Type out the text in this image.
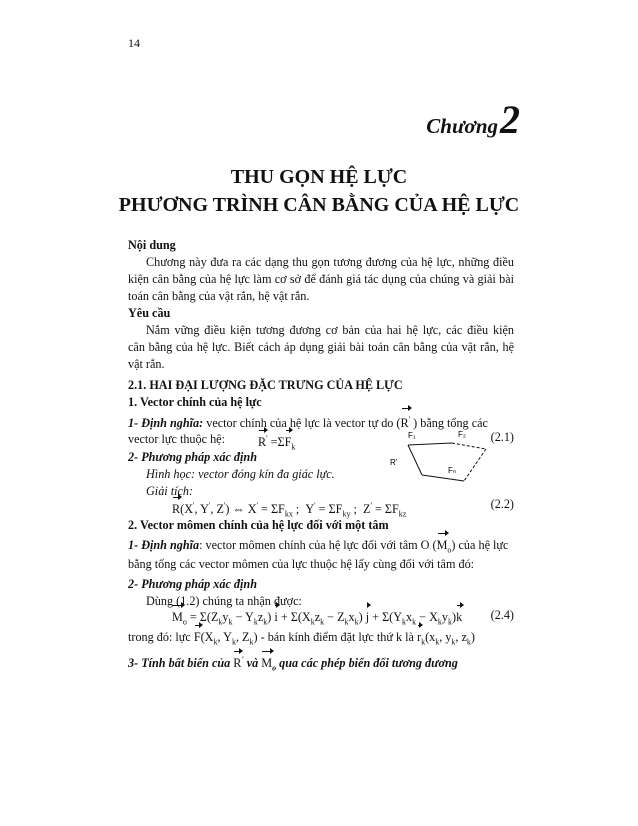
14
Chương2
THU GỌN HỆ LỰC
PHƯƠNG TRÌNH CÂN BẰNG CỦA HỆ LỰC
Nội dung
Chương này đưa ra các dạng thu gọn tương đương của hệ lực, những điều
kiện cân bằng của hệ lực làm cơ sở để đánh giá tác dụng của chúng và giải bài
toán cân bằng của vật rắn, hệ vật rắn.
Yêu cầu
Nắm vững điều kiện tương đương cơ bản của hai hệ lực, các điều kiện
cân bằng của hệ lực. Biết cách áp dụng giải bài toán cân bằng của vật rắn, hệ
vật rắn.
2.1. HAI ĐẠI LƯỢNG ĐẶC TRƯNG CỦA HỆ LỰC
1. Vector chính của hệ lực
1- Định nghĩa: vector chính của hệ lực là vector tự do (R' ) bằng tổng các
vector lực thuộc hệ:	$R' =\Sigma F_k$
(2.1)
F₁	F₂
Fₙ
R'
2- Phương pháp xác định
Hình học: vector đóng kín đa giác lực.
Giải tích:
R(X', Y', Z') ⇔ $X' = \Sigma F_{kx}$ ;  $Y' = \Sigma F_{ky}$ ;  $Z' = \Sigma F_{kz}$
(2.2)
2. Vector mômen chính của hệ lực đối với một tâm
1- Định nghĩa: vector mômen chính của hệ lực đối với tâm O $(M_o)$ của hệ lực
bằng tổng các vector mômen của lực thuộc hệ lấy cùng đối với tâm đó:
2- Phương pháp xác định
Dùng (1.2) chúng ta nhận được:
$M_o = \Sigma(Z_ky_k - Y_kz_k) i + \Sigma(X_kz_k - Z_kx_k) j + \Sigma(Y_kx_k - X_ky_k)k$ (2.4)
trong đó: lực $F(X_k$, $Y_k$, $Z_k$) - bán kính điểm đặt lực thứ k là $r_k(x_k$, $y_k$, $z_k$)
3- Tính bất biến của R' và $M_o$ qua các phép biến đổi tương đương
